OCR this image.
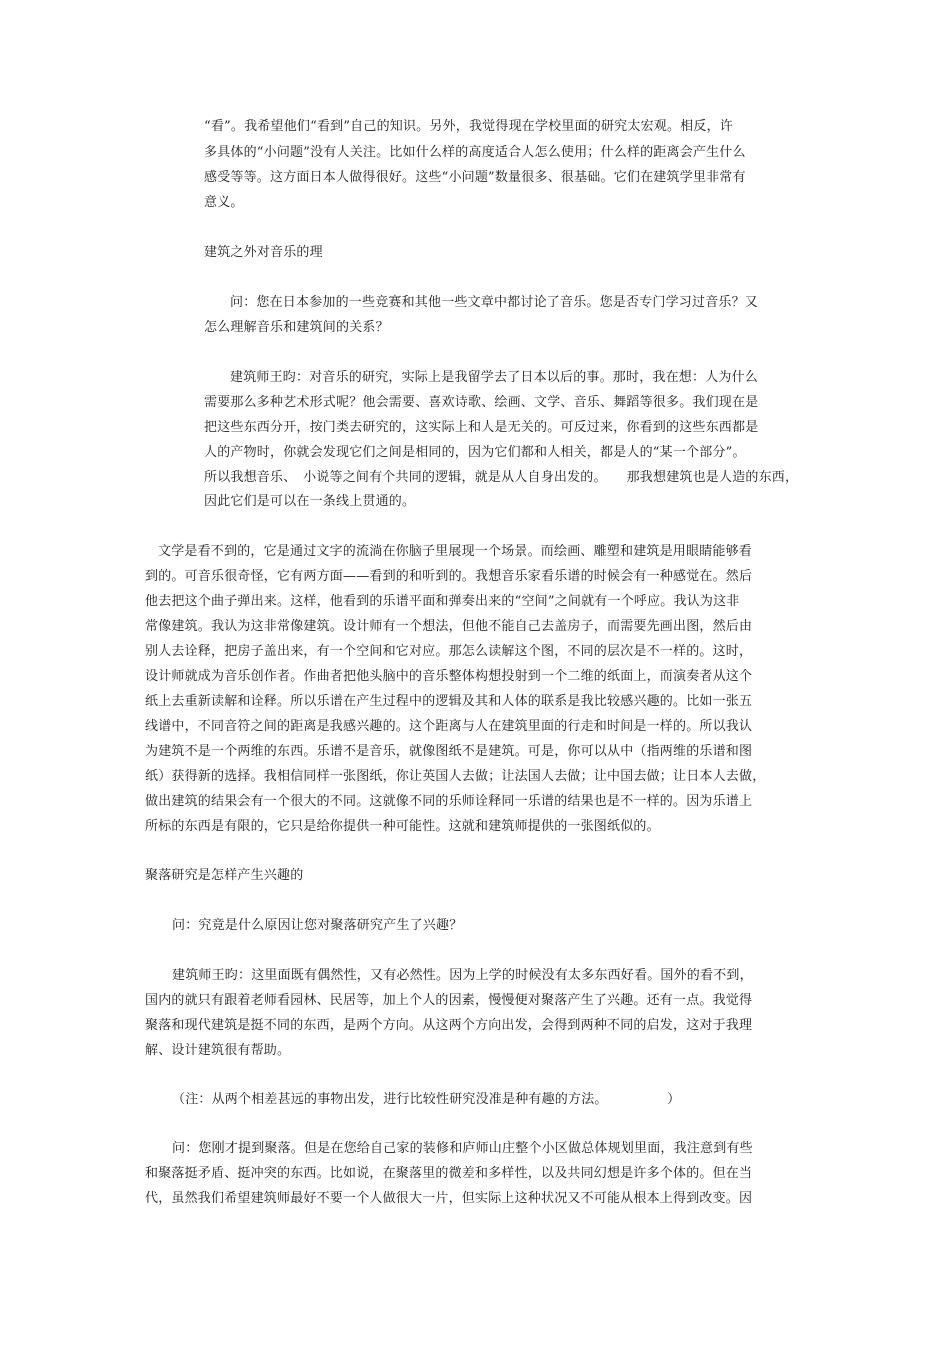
“看”。我希望他们“看到”自己的知识。另外，我觉得现在学校里面的研究太宏观。相反，许
多具体的“小问题”没有人关注。比如什么样的高度适合人怎么使用；什么样的距离会产生什么
感受等等。这方面日本人做得很好。这些“小问题”数量很多、很基础。它们在建筑学里非常有
意义。
建筑之外对音乐的理
问：您在日本参加的一些竞赛和其他一些文章中都讨论了音乐。您是否专门学习过音乐？又
怎么理解音乐和建筑间的关系？
建筑师王昀：对音乐的研究，实际上是我留学去了日本以后的事。那时，我在想：人为什么
需要那么多种艺术形式呢？他会需要、喜欢诗歌、绘画、文学、音乐、舞蹈等很多。我们现在是
把这些东西分开，按门类去研究的，这实际上和人是无关的。可反过来，你看到的这些东西都是
人的产物时，你就会发现它们之间是相同的，因为它们都和人相关，都是人的“某一个部分”。
所以我想音乐、　小说等之间有个共同的逻辑，就是从人自身出发的。　　那我想建筑也是人造的东西，
因此它们是可以在一条线上贯通的。
文学是看不到的，它是通过文字的流淌在你脑子里展现一个场景。而绘画、雕塑和建筑是用眼睛能够看
到的。可音乐很奇怪，它有两方面——看到的和听到的。我想音乐家看乐谱的时候会有一种感觉在。然后
他去把这个曲子弹出来。这样，他看到的乐谱平面和弹奏出来的“空间”之间就有一个呼应。我认为这非
常像建筑。我认为这非常像建筑。设计师有一个想法，但他不能自己去盖房子，而需要先画出图，然后由
别人去诠释，把房子盖出来，有一个空间和它对应。那怎么读解这个图，不同的层次是不一样的。这时，
设计师就成为音乐创作者。作曲者把他头脑中的音乐整体构想投射到一个二维的纸面上，而演奏者从这个
纸上去重新读解和诠释。所以乐谱在产生过程中的逻辑及其和人体的联系是我比较感兴趣的。比如一张五
线谱中，不同音符之间的距离是我感兴趣的。这个距离与人在建筑里面的行走和时间是一样的。所以我认
为建筑不是一个两维的东西。乐谱不是音乐，就像图纸不是建筑。可是，你可以从中（指两维的乐谱和图
纸）获得新的选择。我相信同样一张图纸，你让英国人去做；让法国人去做；让中国去做；让日本人去做，
做出建筑的结果会有一个很大的不同。这就像不同的乐师诠释同一乐谱的结果也是不一样的。因为乐谱上
所标的东西是有限的，它只是给你提供一种可能性。这就和建筑师提供的一张图纸似的。
聚落研究是怎样产生兴趣的
问：究竟是什么原因让您对聚落研究产生了兴趣？
建筑师王昀：这里面既有偶然性，又有必然性。因为上学的时候没有太多东西好看。国外的看不到，
国内的就只有跟着老师看园林、民居等，加上个人的因素，慢慢便对聚落产生了兴趣。还有一点。我觉得
聚落和现代建筑是挺不同的东西，是两个方向。从这两个方向出发，会得到两种不同的启发，这对于我理
解、设计建筑很有帮助。
（注：从两个相差甚远的事物出发，进行比较性研究没准是种有趣的方法。　　　　　）
问：您刚才提到聚落。但是在您给自己家的装修和庐师山庄整个小区做总体规划里面，我注意到有些
和聚落挺矛盾、挺冲突的东西。比如说，在聚落里的微差和多样性，以及共同幻想是许多个体的。但在当
代，虽然我们希望建筑师最好不要一个人做很大一片，但实际上这种状况又不可能从根本上得到改变。因
